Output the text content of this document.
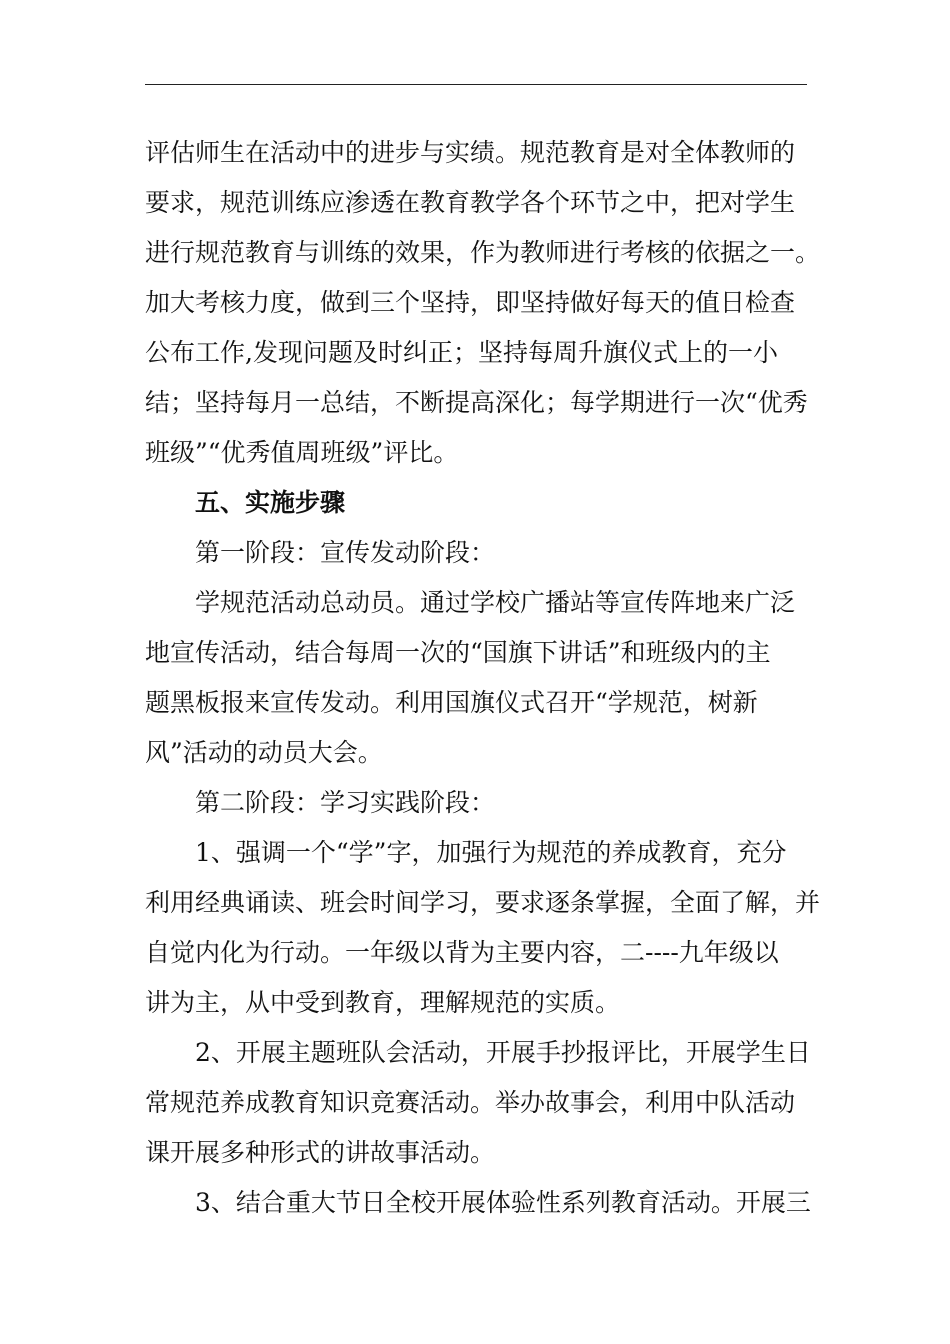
评估师生在活动中的进步与实绩。规范教育是对全体教师的
要求，规范训练应渗透在教育教学各个环节之中，把对学生
进行规范教育与训练的效果，作为教师进行考核的依据之一。
加大考核力度，做到三个坚持，即坚持做好每天的值日检查
公布工作,发现问题及时纠正；坚持每周升旗仪式上的一小
结；坚持每月一总结，不断提高深化；每学期进行一次“优秀
班级”“优秀值周班级”评比。
五、实施步骤
第一阶段：宣传发动阶段：
学规范活动总动员。通过学校广播站等宣传阵地来广泛
地宣传活动，结合每周一次的“国旗下讲话”和班级内的主
题黑板报来宣传发动。利用国旗仪式召开“学规范，树新
风”活动的动员大会。
第二阶段：学习实践阶段：
1、强调一个“学”字，加强行为规范的养成教育，充分
利用经典诵读、班会时间学习，要求逐条掌握，全面了解，并
自觉内化为行动。一年级以背为主要内容，二----九年级以
讲为主，从中受到教育，理解规范的实质。
2、开展主题班队会活动，开展手抄报评比，开展学生日
常规范养成教育知识竞赛活动。举办故事会，利用中队活动
课开展多种形式的讲故事活动。
3、结合重大节日全校开展体验性系列教育活动。开展三
